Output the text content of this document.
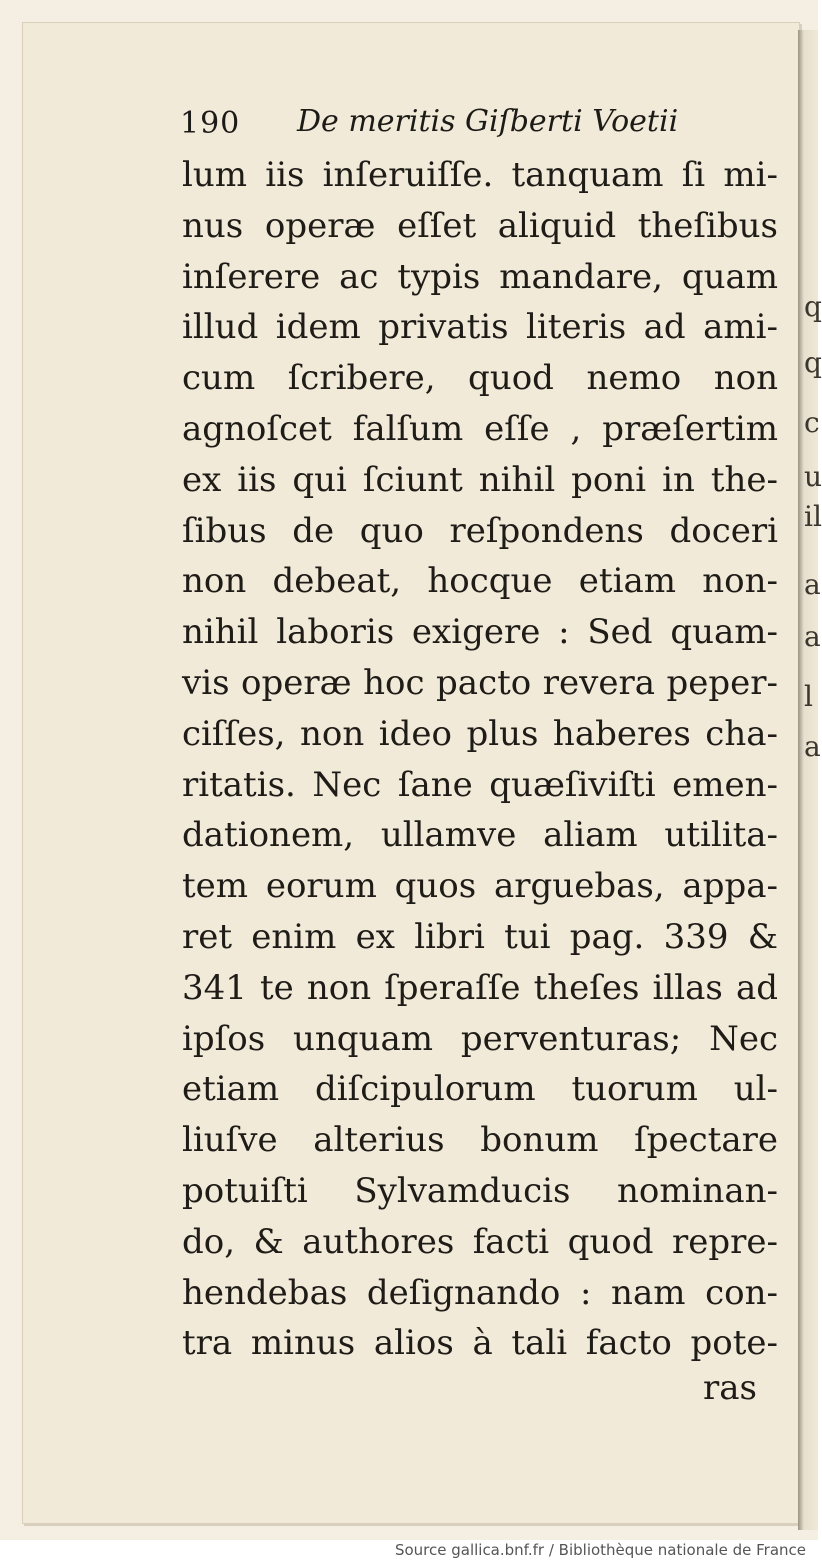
q
q
c
u
il
a
a
l
a
190 De meritis Giſberti Voetii
lum iis inſeruiſſe. tanquam ſi mi-
nus operæ eſſet aliquid theſibus
inſerere ac typis mandare, quam
illud idem privatis literis ad ami-
cum ſcribere, quod nemo non
agnoſcet falſum eſſe , præſertim
ex iis qui ſciunt nihil poni in the-
ſibus de quo reſpondens doceri
non debeat, hocque etiam non-
nihil laboris exigere : Sed quam-
vis operæ hoc pacto revera peper-
ciſſes, non ideo plus haberes cha-
ritatis. Nec ſane quæſiviſti emen-
dationem, ullamve aliam utilita-
tem eorum quos arguebas, appa-
ret enim ex libri tui pag. 339 &
341 te non ſperaſſe theſes illas ad
ipſos unquam perventuras; Nec
etiam diſcipulorum tuorum ul-
liuſve alterius bonum ſpectare
potuiſti Sylvamducis nominan-
do, & authores facti quod repre-
hendebas deſignando : nam con-
tra minus alios à tali facto pote-
ras
Source gallica.bnf.fr / Bibliothèque nationale de France
